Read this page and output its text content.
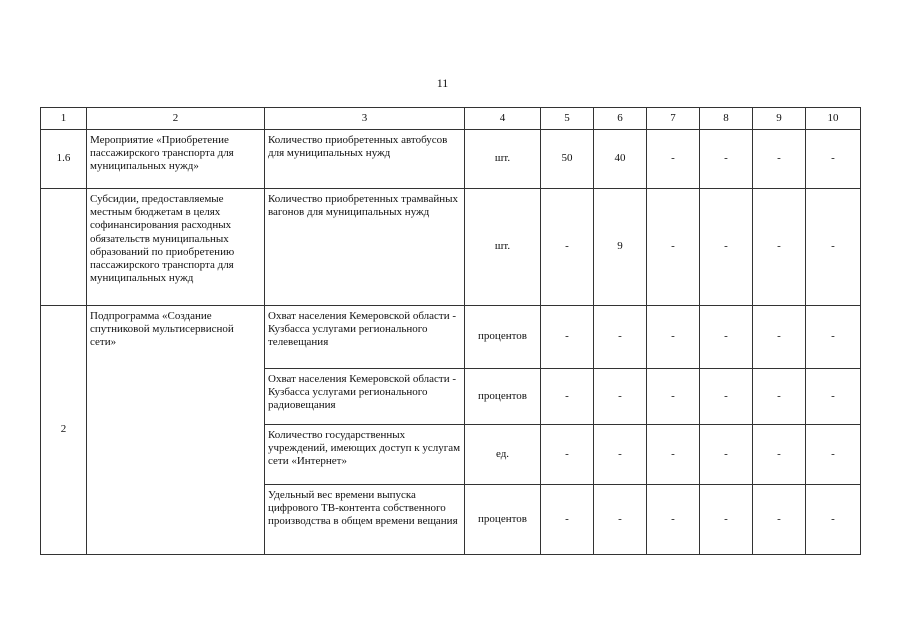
11
1	2	3	4	5	6	7	8	9	10
1.6	Мероприятие «Приобретение пассажирского транспорта для муниципальных нужд»	Количество приобретенных автобусов для муниципальных нужд	шт.	50	40	-	-	-	-
	Субсидии, предоставляемые местным бюджетам в целях софинансирования расходных обязательств муниципальных образований по приобретению пассажирского транспорта для муниципальных нужд	Количество приобретенных трамвайных вагонов для муниципальных нужд	шт.	-	9	-	-	-	-
2	Подпрограмма «Создание спутниковой мультисервисной сети»	Охват населения Кемеровской области - Кузбасса услугами регионального телевещания	процентов	-	-	-	-	-	-
		Охват населения Кемеровской области - Кузбасса услугами регионального радиовещания	процентов	-	-	-	-	-	-
		Количество государственных учреждений, имеющих доступ к услугам сети «Интернет»	ед.	-	-	-	-	-	-
		Удельный вес времени выпуска цифрового ТВ-контента собственного производства в общем времени вещания	процентов	-	-	-	-	-	-
